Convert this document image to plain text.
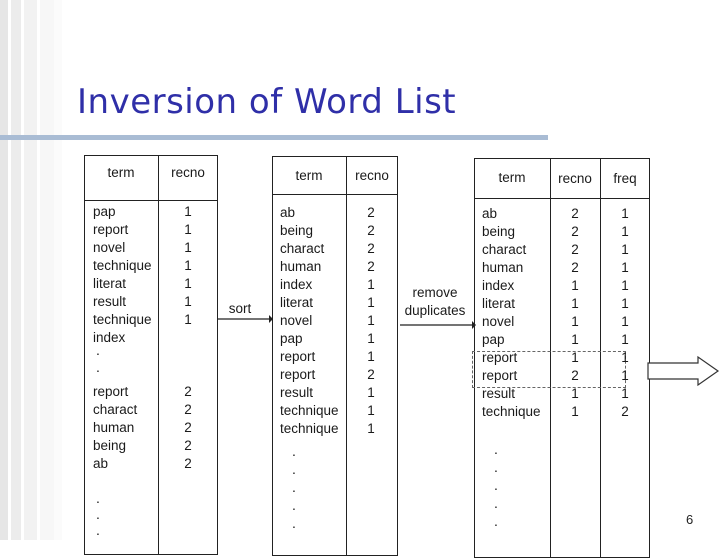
Inversion of Word List
term	recno
pap	1
report	1
novel	1
technique	1
literat	1
result	1
technique	1
index
.
.
report	2
charact	2
human	2
being	2
ab	2
.
.
.
sort
term	recno
ab	2
being	2
charact	2
human	2
index	1
literat	1
novel	1
pap	1
report	1
report	2
result	1
technique	1
technique	1
.
.
.
.
.
remove
duplicates
term	recno	freq
ab	2	1
being	2	1
charact	2	1
human	2	1
index	1	1
literat	1	1
novel	1	1
pap	1	1
report	1	1
report	2	1
result	1	1
technique	1	2
.
.
.
.
.	6
